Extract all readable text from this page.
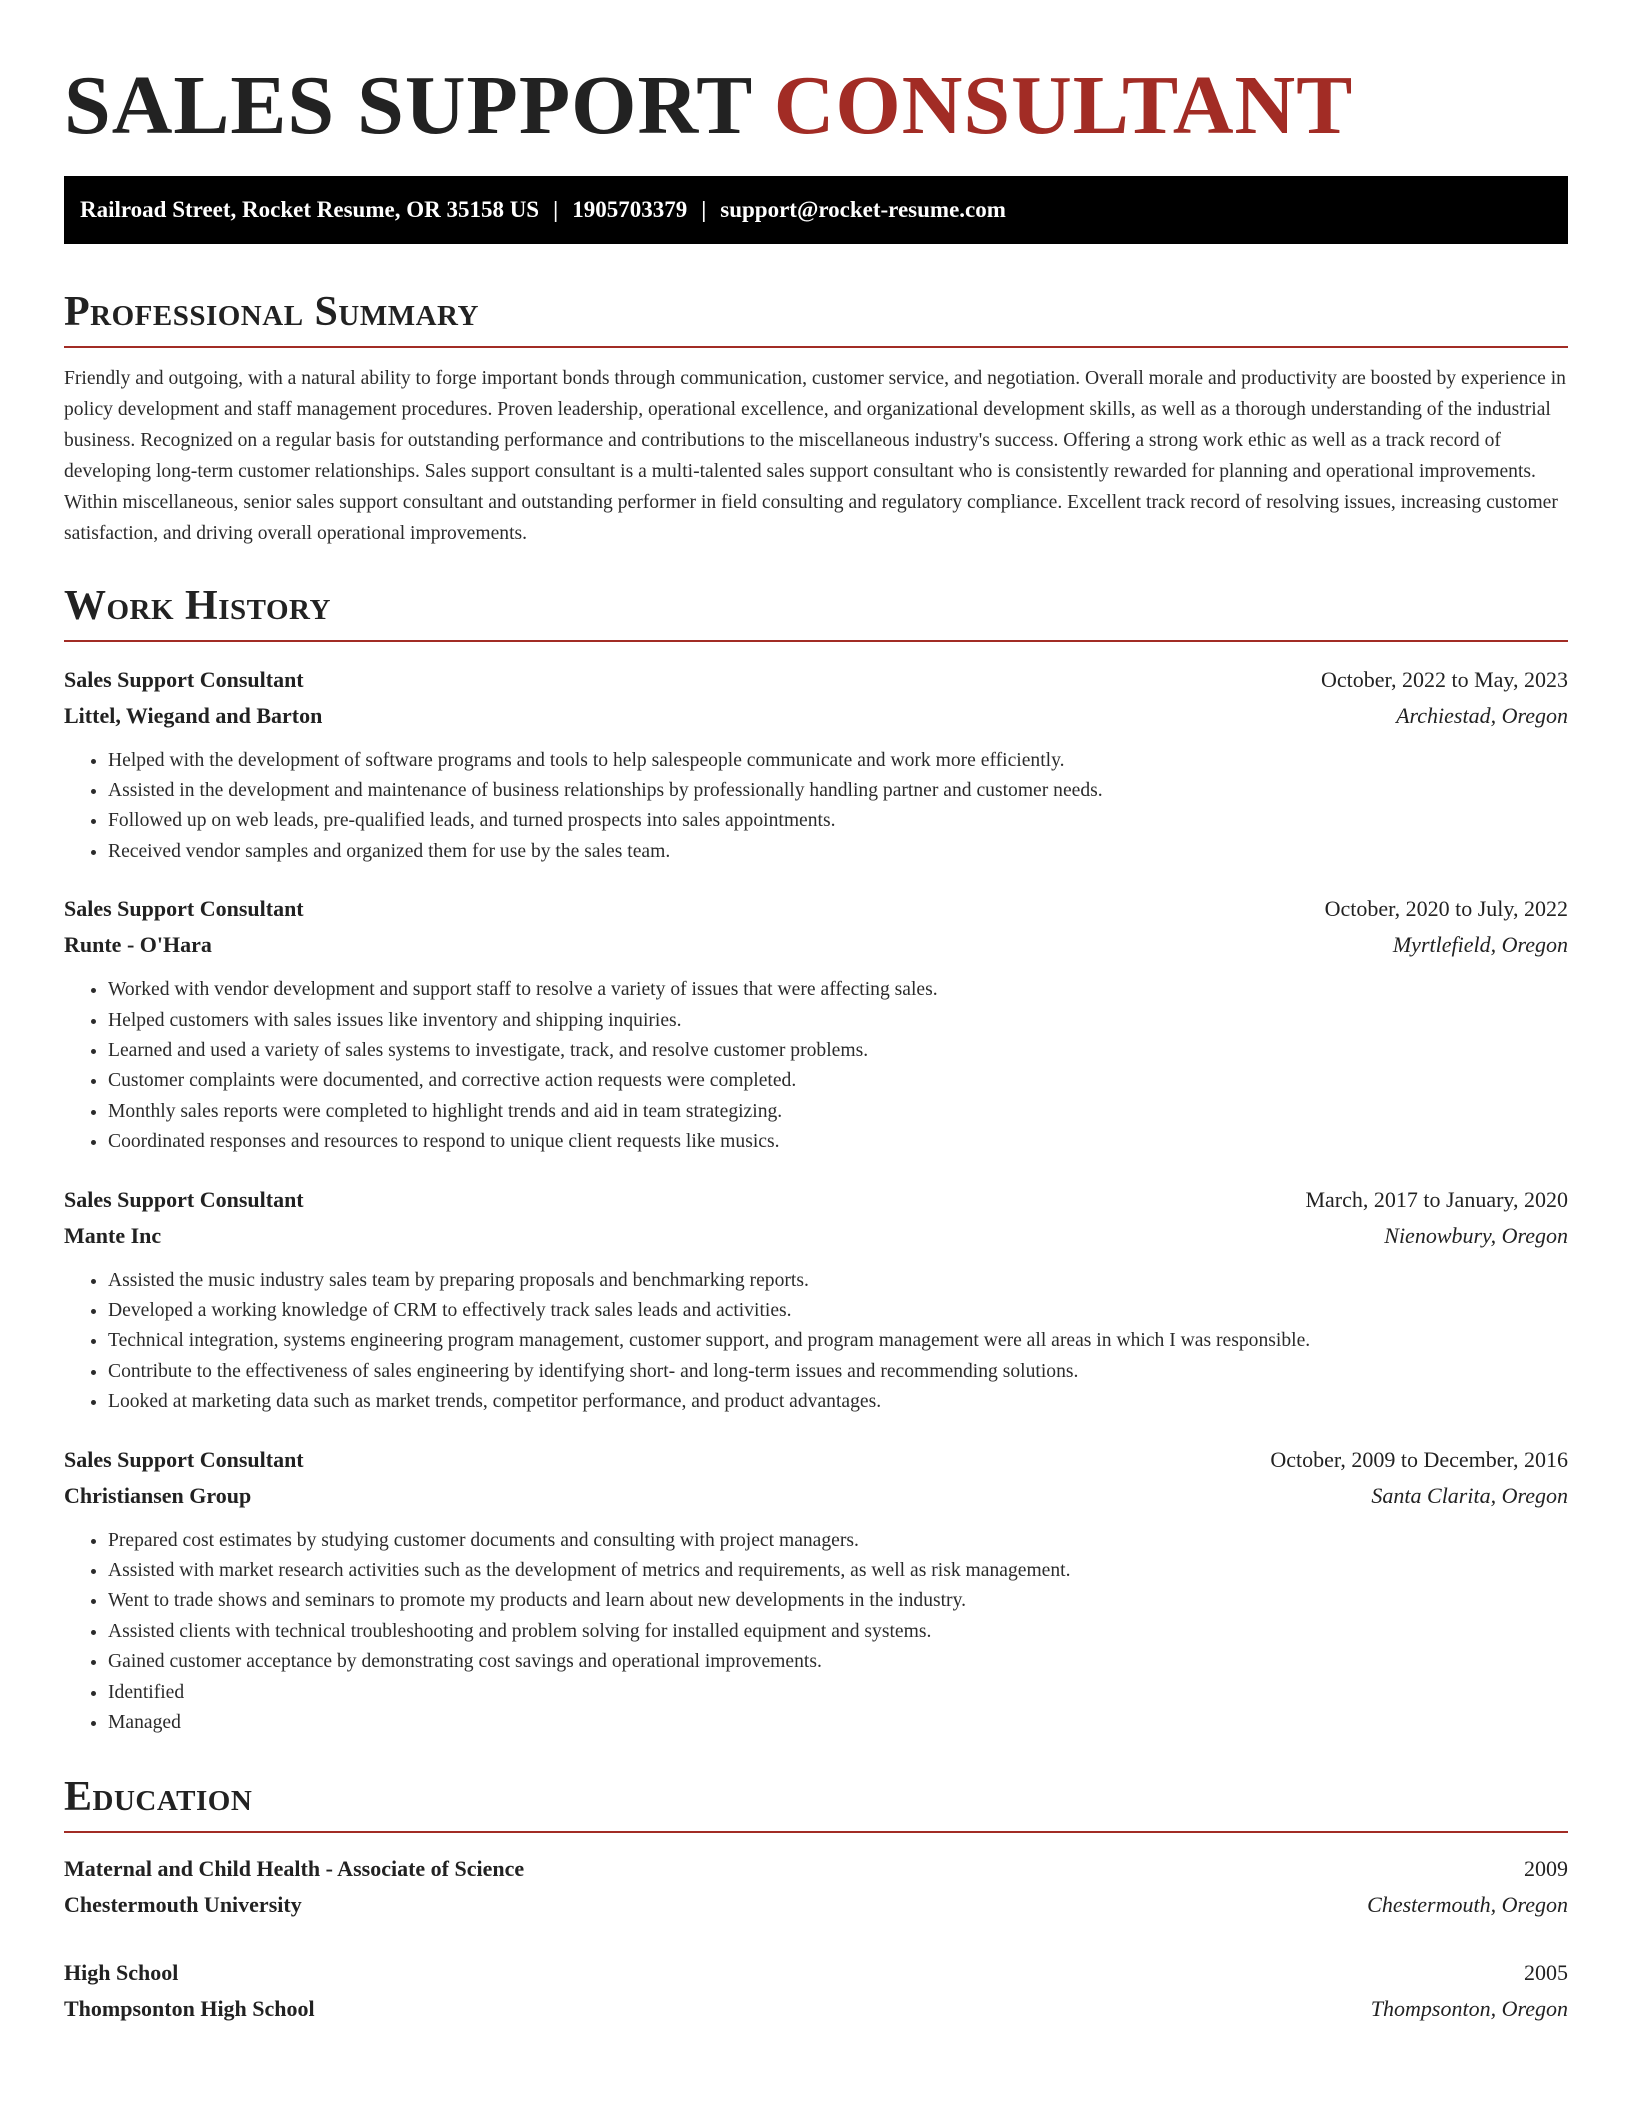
SALES SUPPORT CONSULTANT
Railroad Street, Rocket Resume, OR 35158 US | 1905703379 | support@rocket-resume.com
Professional Summary

Friendly and outgoing, with a natural ability to forge important bonds through communication, customer service, and negotiation. Overall morale and productivity are boosted by experience in policy development and staff management procedures. Proven leadership, operational excellence, and organizational development skills, as well as a thorough understanding of the industrial business. Recognized on a regular basis for outstanding performance and contributions to the miscellaneous industry's success. Offering a strong work ethic as well as a track record of developing long-term customer relationships. Sales support consultant is a multi-talented sales support consultant who is consistently rewarded for planning and operational improvements. Within miscellaneous, senior sales support consultant and outstanding performer in field consulting and regulatory compliance. Excellent track record of resolving issues, increasing customer satisfaction, and driving overall operational improvements.

Work History
Sales Support Consultant	October, 2022 to May, 2023
Littel, Wiegand and Barton	Archiestad, Oregon
• Helped with the development of software programs and tools to help salespeople communicate and work more efficiently.
• Assisted in the development and maintenance of business relationships by professionally handling partner and customer needs.
• Followed up on web leads, pre-qualified leads, and turned prospects into sales appointments.
• Received vendor samples and organized them for use by the sales team.
Sales Support Consultant	October, 2020 to July, 2022
Runte - O'Hara	Myrtlefield, Oregon
• Worked with vendor development and support staff to resolve a variety of issues that were affecting sales.
• Helped customers with sales issues like inventory and shipping inquiries.
• Learned and used a variety of sales systems to investigate, track, and resolve customer problems.
• Customer complaints were documented, and corrective action requests were completed.
• Monthly sales reports were completed to highlight trends and aid in team strategizing.
• Coordinated responses and resources to respond to unique client requests like musics.
Sales Support Consultant	March, 2017 to January, 2020
Mante Inc	Nienowbury, Oregon
• Assisted the music industry sales team by preparing proposals and benchmarking reports.
• Developed a working knowledge of CRM to effectively track sales leads and activities.
• Technical integration, systems engineering program management, customer support, and program management were all areas in which I was responsible.
• Contribute to the effectiveness of sales engineering by identifying short- and long-term issues and recommending solutions.
• Looked at marketing data such as market trends, competitor performance, and product advantages.
Sales Support Consultant	October, 2009 to December, 2016
Christiansen Group	Santa Clarita, Oregon
• Prepared cost estimates by studying customer documents and consulting with project managers.
• Assisted with market research activities such as the development of metrics and requirements, as well as risk management.
• Went to trade shows and seminars to promote my products and learn about new developments in the industry.
• Assisted clients with technical troubleshooting and problem solving for installed equipment and systems.
• Gained customer acceptance by demonstrating cost savings and operational improvements.
• Identified
• Managed
Education
Maternal and Child Health - Associate of Science	2009
Chestermouth University	Chestermouth, Oregon
High School	2005
Thompsonton High School	Thompsonton, Oregon
